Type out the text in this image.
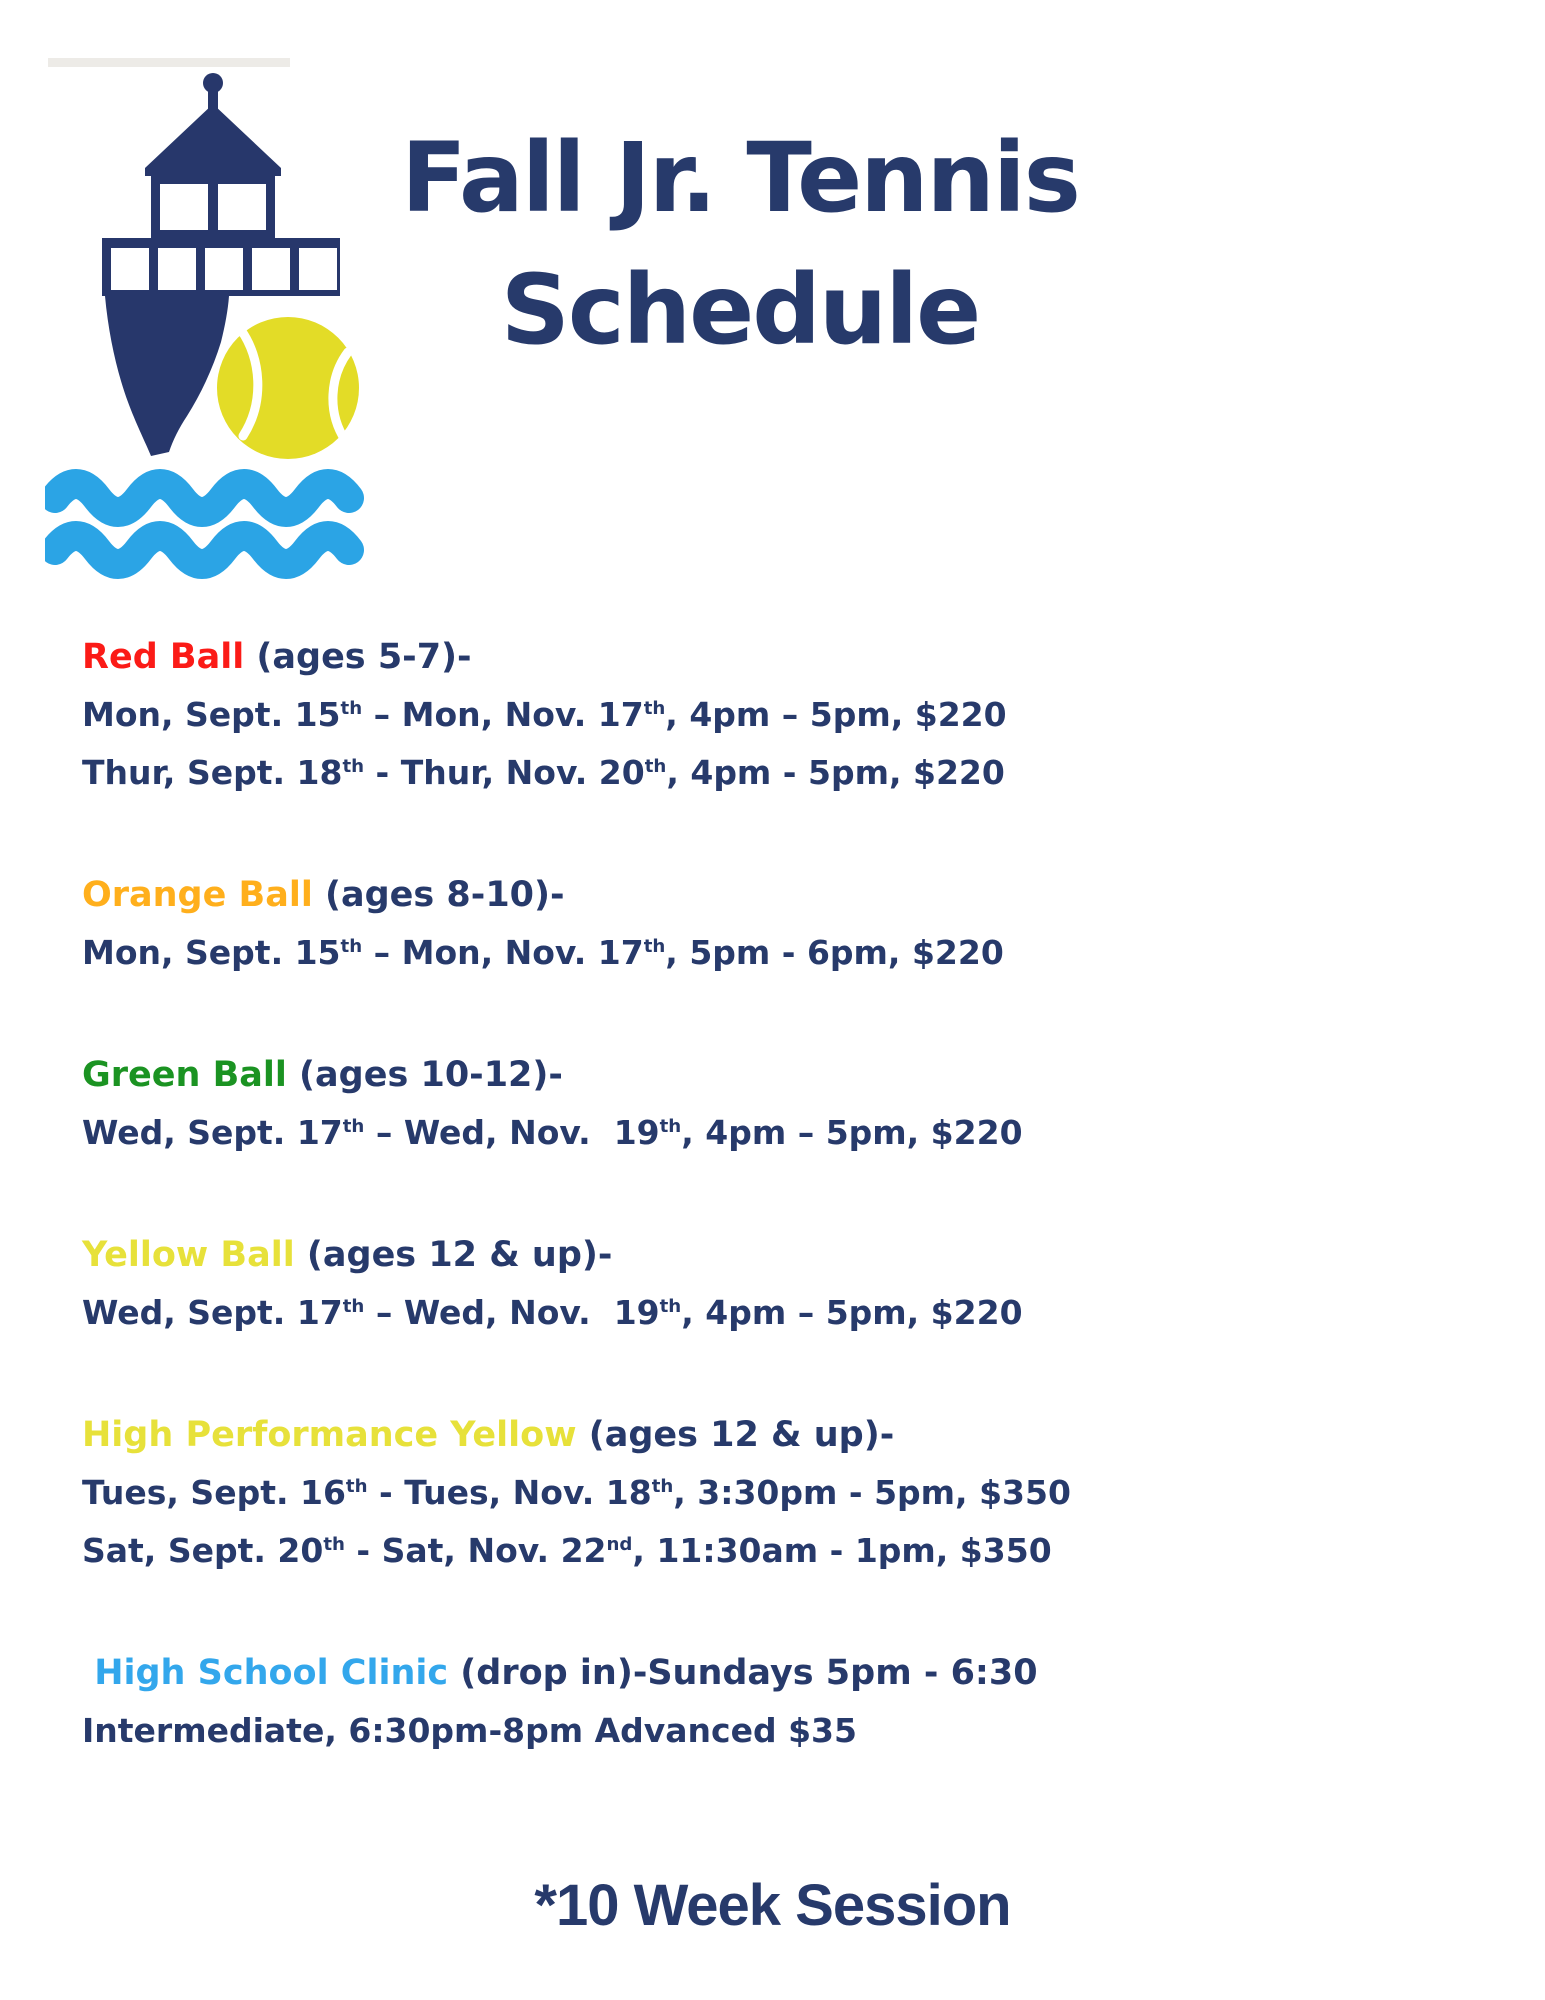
Fall Jr. Tennis
Schedule

Red Ball (ages 5-7)-

Mon, Sept. 15th – Mon, Nov. 17th, 4pm – 5pm, $220

Thur, Sept. 18th - Thur, Nov. 20th, 4pm - 5pm, $220

Orange Ball (ages 8-10)-

Mon, Sept. 15th – Mon, Nov. 17th, 5pm - 6pm, $220

Green Ball (ages 10-12)-

Wed, Sept. 17th – Wed, Nov.  19th, 4pm – 5pm, $220

Yellow Ball (ages 12 & up)-

Wed, Sept. 17th – Wed, Nov.  19th, 4pm – 5pm, $220

High Performance Yellow (ages 12 & up)-

Tues, Sept. 16th - Tues, Nov. 18th, 3:30pm - 5pm, $350

Sat, Sept. 20th - Sat, Nov. 22nd, 11:30am - 1pm, $350

High School Clinic (drop in)-Sundays 5pm - 6:30

Intermediate, 6:30pm-8pm Advanced $35

*10 Week Session
